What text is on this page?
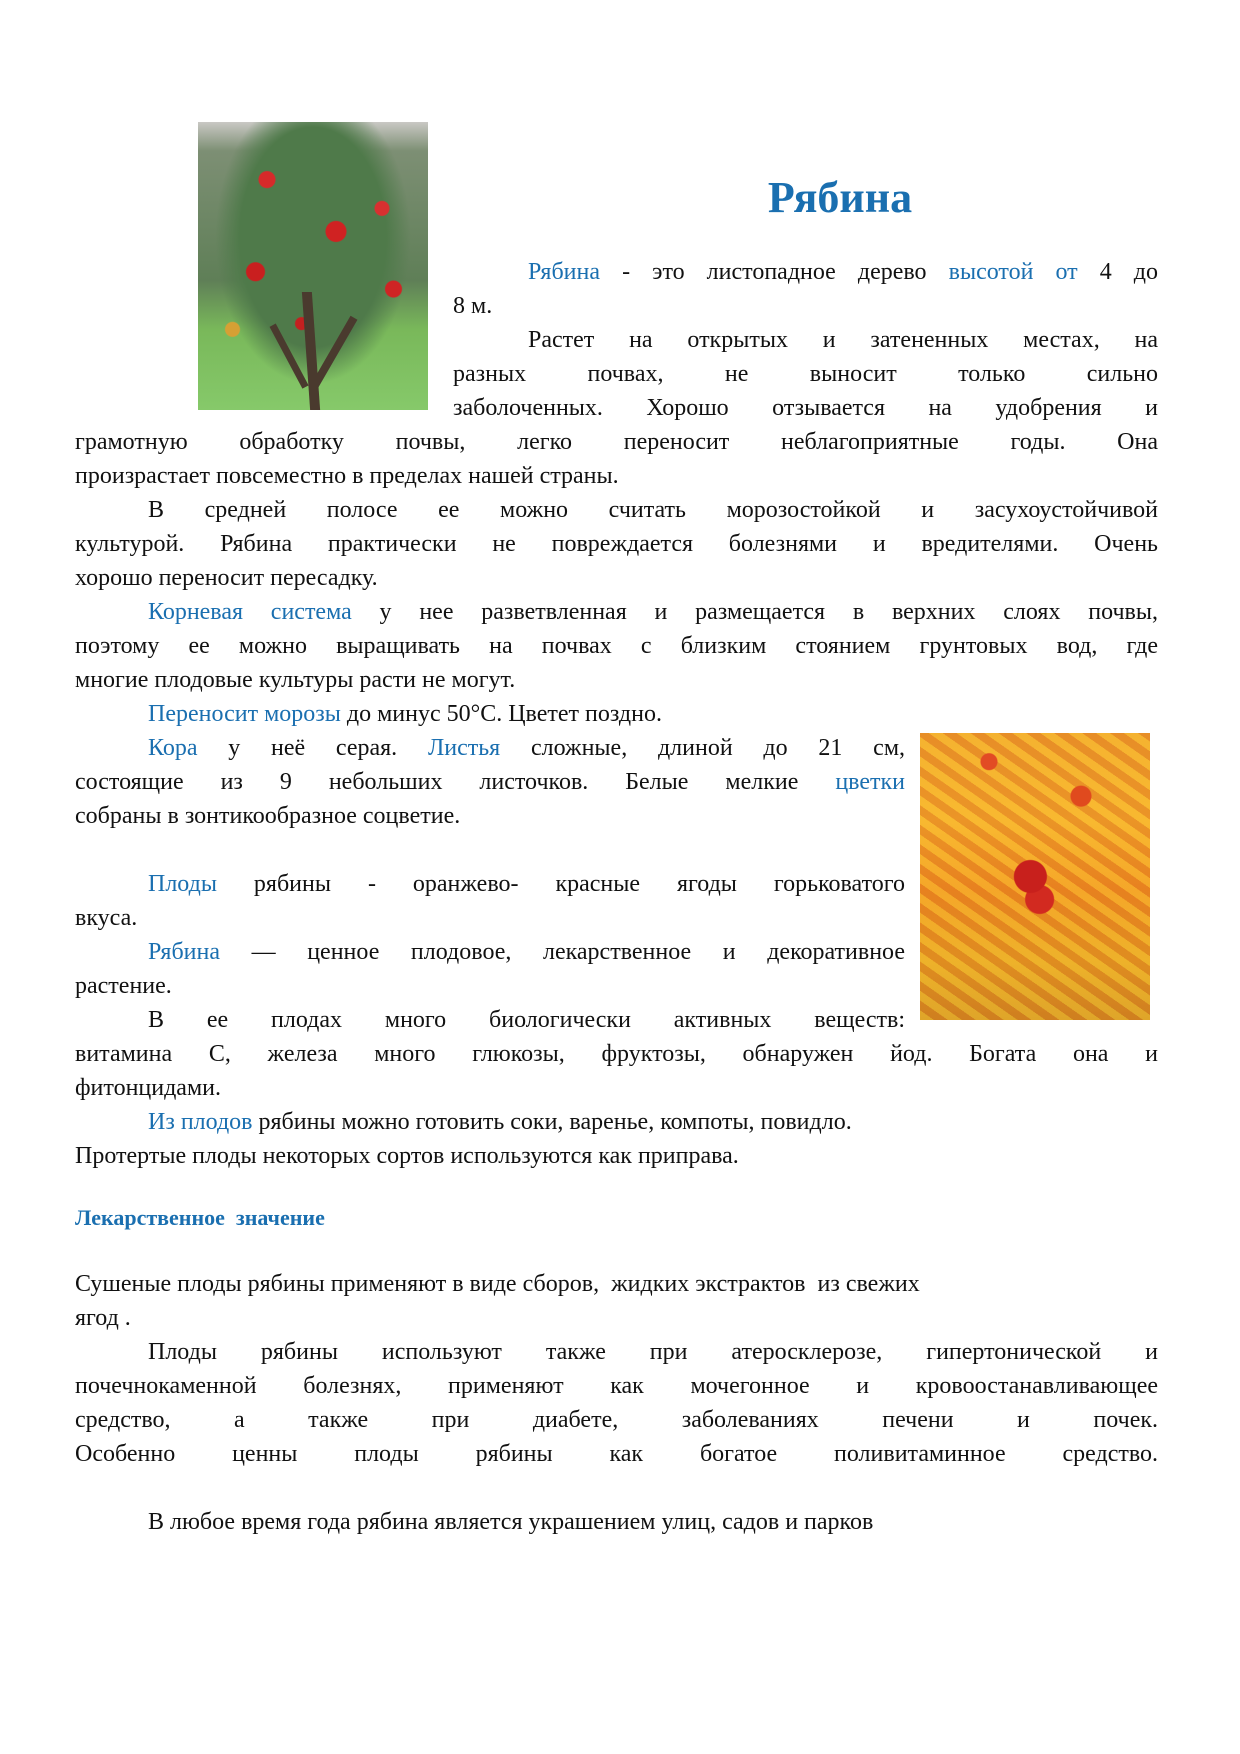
Рябина
Рябина - это листопадное дерево высотой от 4 до
8 м.
Растет на открытых и затененных местах, на
разных почвах, не выносит только сильно
заболоченных. Хорошо отзывается на удобрения и
грамотную обработку почвы, легко переносит неблагоприятные годы. Она
произрастает повсеместно в пределах нашей страны.
В средней полосе ее можно считать морозостойкой и засухоустойчивой
культурой. Рябина практически не повреждается болезнями и вредителями. Очень
хорошо переносит пересадку.
Корневая система у нее разветвленная и размещается в верхних слоях почвы,
поэтому ее можно выращивать на почвах с близким стоянием грунтовых вод, где
многие плодовые культуры расти не могут.
Переносит морозы до минус 50°С. Цветет поздно.
Кора у неё серая. Листья сложные, длиной до 21 см,
состоящие из 9 небольших листочков. Белые мелкие цветки
собраны в зонтикообразное соцветие.
Плоды рябины - оранжево- красные ягоды горьковатого
вкуса.
Рябина — ценное плодовое, лекарственное и декоративное
растение.
В ее плодах много биологически активных веществ:
витамина С, железа много глюкозы, фруктозы, обнаружен йод. Богата она и
фитонцидами.
Из плодов рябины можно готовить соки, варенье, компоты, повидло.
Протертые плоды некоторых сортов используются как приправа.
Лекарственное  значение
Сушеные плоды рябины применяют в виде сборов,  жидких экстрактов  из свежих
ягод .
Плоды рябины используют также при атеросклерозе, гипертонической и
почечнокаменной болезнях, применяют как мочегонное и кровоостанавливающее
средство, а также при диабете, заболеваниях печени и почек.
Особенно ценны плоды рябины как богатое поливитаминное средство.
В любое время года рябина является украшением улиц, садов и парков
